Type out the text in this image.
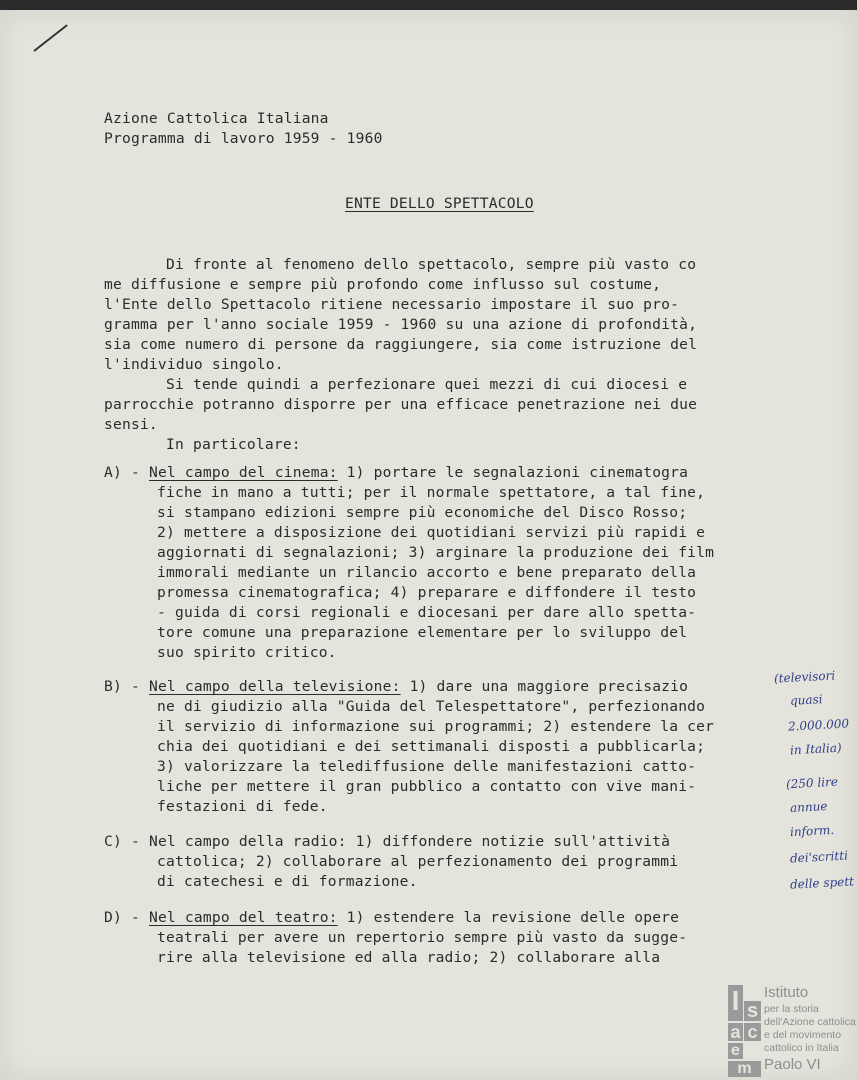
Azione Cattolica Italiana

Programma di lavoro 1959 - 1960

ENTE DELLO SPETTACOLO

Di fronte al fenomeno dello spettacolo, sempre più vasto co

me diffusione e sempre più profondo come influsso sul costume,

l'Ente dello Spettacolo ritiene necessario impostare il suo pro-

gramma per l'anno sociale 1959 - 1960 su una azione di profondità,

sia come numero di persone da raggiungere, sia come istruzione del

l'individuo singolo.

Si tende quindi a perfezionare quei mezzi di cui diocesi e

parrocchie potranno disporre per una efficace penetrazione nei due

sensi.

In particolare:

A) - Nel campo del cinema: 1) portare le segnalazioni cinematogra

fiche in mano a tutti; per il normale spettatore, a tal fine,

si stampano edizioni sempre più economiche del Disco Rosso;

2) mettere a disposizione dei quotidiani servizi più rapidi e

aggiornati di segnalazioni; 3) arginare la produzione dei film

immorali mediante un rilancio accorto e bene preparato della

promessa cinematografica; 4) preparare e diffondere il testo

- guida di corsi regionali e diocesani per dare allo spetta-

tore comune una preparazione elementare per lo sviluppo del

suo spirito critico.

B) - Nel campo della televisione: 1) dare una maggiore precisazio

ne di giudizio alla "Guida del Telespettatore", perfezionando

il servizio di informazione sui programmi; 2) estendere la cer

chia dei quotidiani e dei settimanali disposti a pubblicarla;

3) valorizzare la telediffusione delle manifestazioni catto-

liche per mettere il gran pubblico a contatto con vive mani-

festazioni di fede.

C) - Nel campo della radio: 1) diffondere notizie sull'attività

cattolica; 2) collaborare al perfezionamento dei programmi

di catechesi e di formazione.

D) - Nel campo del teatro: 1) estendere la revisione delle opere

teatrali per avere un repertorio sempre più vasto da sugge-

rire alla televisione ed alla radio; 2) collaborare alla

(televisori

quasi

2.000.000

in Italia)

(250 lire

annue

inform.

dei'scritti

delle spett

I s
a c
e
m

Istituto

per la storia

dell'Azione cattolica

e del movimento

cattolico in Italia

Paolo VI
